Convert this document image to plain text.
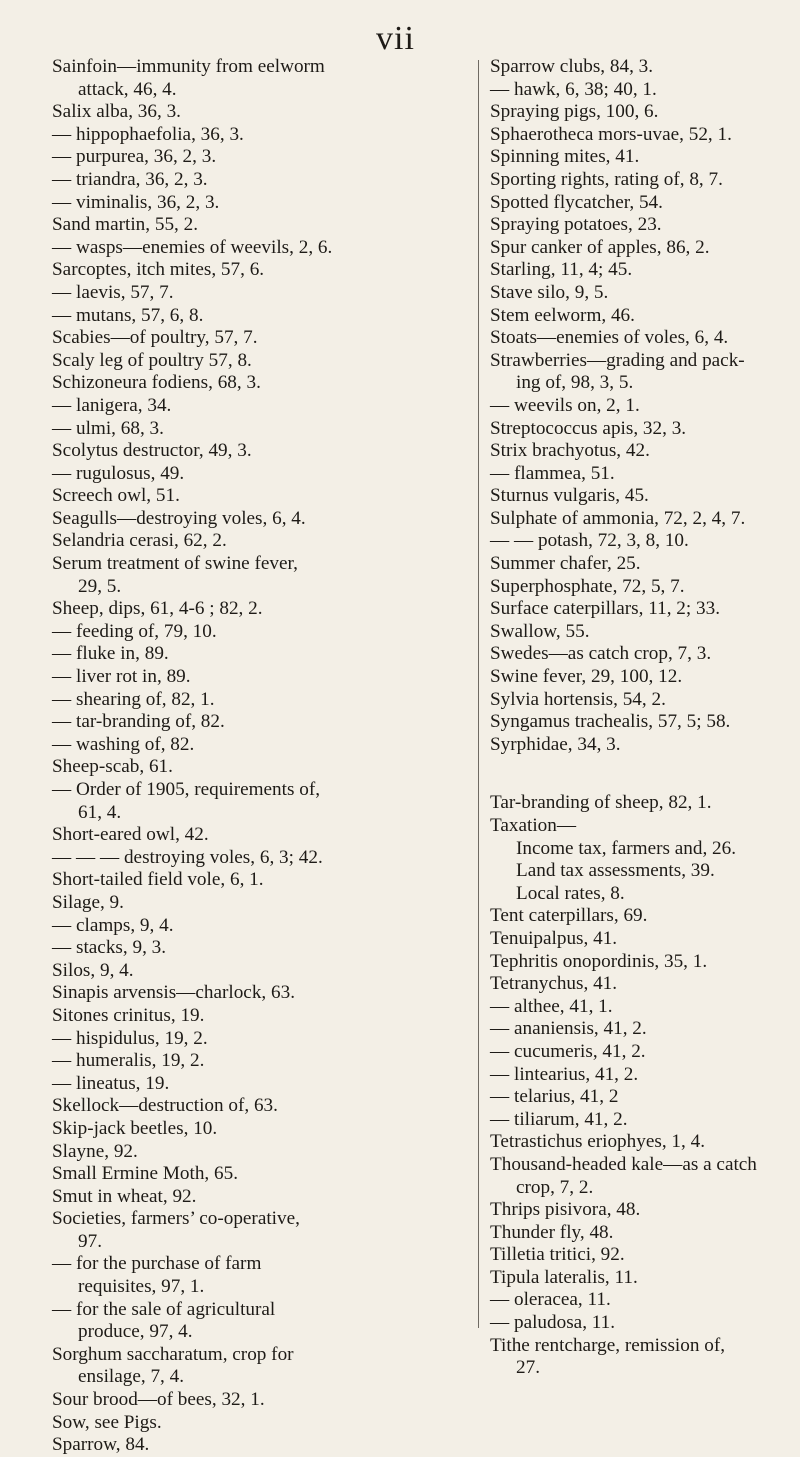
vii
Sainfoin—immunity from eelworm
attack, 46, 4.
Salix alba, 36, 3.
— hippophaefolia, 36, 3.
— purpurea, 36, 2, 3.
— triandra, 36, 2, 3.
— viminalis, 36, 2, 3.
Sand martin, 55, 2.
— wasps—enemies of weevils, 2, 6.
Sarcoptes, itch mites, 57, 6.
— laevis, 57, 7.
— mutans, 57, 6, 8.
Scabies—of poultry, 57, 7.
Scaly leg of poultry 57, 8.
Schizoneura fodiens, 68, 3.
— lanigera, 34.
— ulmi, 68, 3.
Scolytus destructor, 49, 3.
— rugulosus, 49.
Screech owl, 51.
Seagulls—destroying voles, 6, 4.
Selandria cerasi, 62, 2.
Serum treatment of swine fever,
29, 5.
Sheep, dips, 61, 4-6 ; 82, 2.
— feeding of, 79, 10.
— fluke in, 89.
— liver rot in, 89.
— shearing of, 82, 1.
— tar-branding of, 82.
— washing of, 82.
Sheep-scab, 61.
— Order of 1905, requirements of,
61, 4.
Short-eared owl, 42.
— — — destroying voles, 6, 3; 42.
Short-tailed field vole, 6, 1.
Silage, 9.
— clamps, 9, 4.
— stacks, 9, 3.
Silos, 9, 4.
Sinapis arvensis—charlock, 63.
Sitones crinitus, 19.
— hispidulus, 19, 2.
— humeralis, 19, 2.
— lineatus, 19.
Skellock—destruction of, 63.
Skip-jack beetles, 10.
Slayne, 92.
Small Ermine Moth, 65.
Smut in wheat, 92.
Societies, farmers’ co-operative,
97.
— for the purchase of farm
requisites, 97, 1.
— for the sale of agricultural
produce, 97, 4.
Sorghum saccharatum, crop for
ensilage, 7, 4.
Sour brood—of bees, 32, 1.
Sow, see Pigs.
Sparrow, 84.
Sparrow clubs, 84, 3.
— hawk, 6, 38; 40, 1.
Spraying pigs, 100, 6.
Sphaerotheca mors-uvae, 52, 1.
Spinning mites, 41.
Sporting rights, rating of, 8, 7.
Spotted flycatcher, 54.
Spraying potatoes, 23.
Spur canker of apples, 86, 2.
Starling, 11, 4; 45.
Stave silo, 9, 5.
Stem eelworm, 46.
Stoats—enemies of voles, 6, 4.
Strawberries—grading and pack-
ing of, 98, 3, 5.
— weevils on, 2, 1.
Streptococcus apis, 32, 3.
Strix brachyotus, 42.
— flammea, 51.
Sturnus vulgaris, 45.
Sulphate of ammonia, 72, 2, 4, 7.
— — potash, 72, 3, 8, 10.
Summer chafer, 25.
Superphosphate, 72, 5, 7.
Surface caterpillars, 11, 2; 33.
Swallow, 55.
Swedes—as catch crop, 7, 3.
Swine fever, 29, 100, 12.
Sylvia hortensis, 54, 2.
Syngamus trachealis, 57, 5; 58.
Syrphidae, 34, 3.
Tar-branding of sheep, 82, 1.
Taxation—
Income tax, farmers and, 26.
Land tax assessments, 39.
Local rates, 8.
Tent caterpillars, 69.
Tenuipalpus, 41.
Tephritis onopordinis, 35, 1.
Tetranychus, 41.
— althee, 41, 1.
— ananiensis, 41, 2.
— cucumeris, 41, 2.
— lintearius, 41, 2.
— telarius, 41, 2
— tiliarum, 41, 2.
Tetrastichus eriophyes, 1, 4.
Thousand-headed kale—as a catch
crop, 7, 2.
Thrips pisivora, 48.
Thunder fly, 48.
Tilletia tritici, 92.
Tipula lateralis, 11.
— oleracea, 11.
— paludosa, 11.
Tithe rentcharge, remission of,
27.
